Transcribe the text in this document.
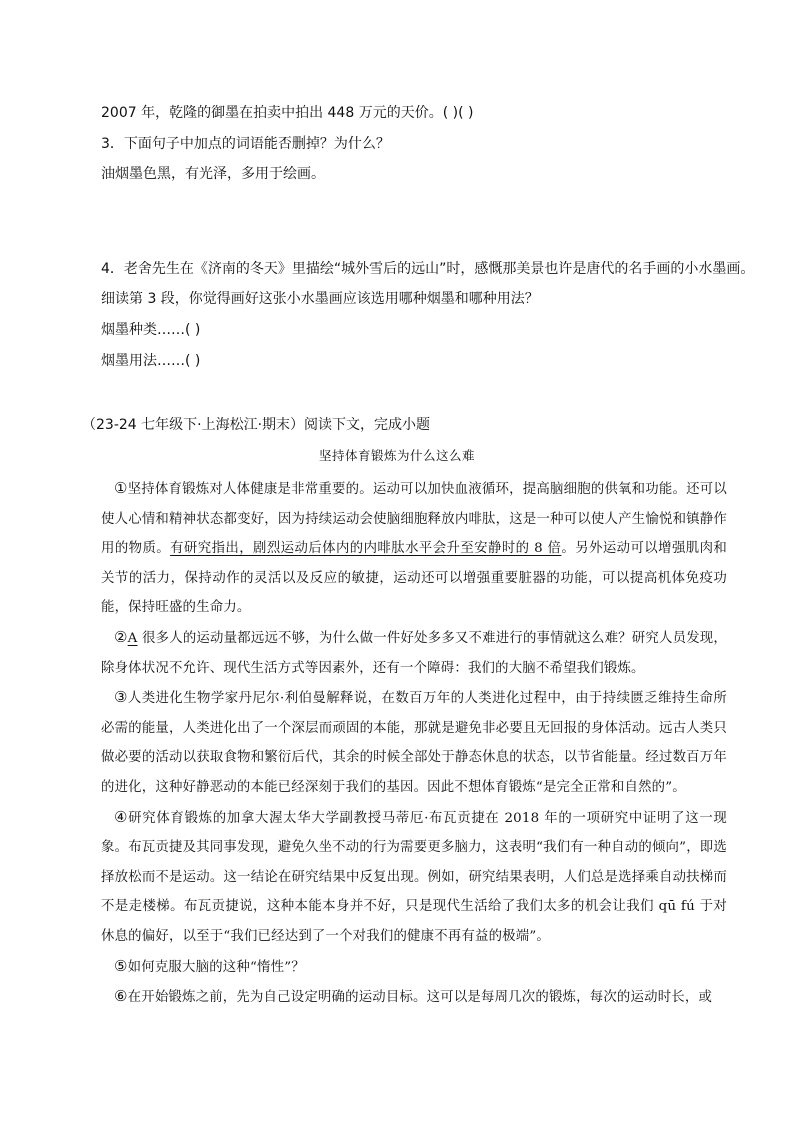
2007 年，乾隆的御墨在拍卖中拍出 448 万元的天价。( )( )
3．下面句子中加点的词语能否删掉？为什么？
油烟墨色黑，有光泽，多用于绘画。
4．老舍先生在《济南的冬天》里描绘“城外雪后的远山”时，感慨那美景也许是唐代的名手画的小水墨画。
细读第 3 段，你觉得画好这张小水墨画应该选用哪种烟墨和哪种用法？
烟墨种类……( )
烟墨用法……( )
（23-24 七年级下·上海松江·期末）阅读下文，完成小题
坚持体育锻炼为什么这么难

①坚持体育锻炼对人体健康是非常重要的。运动可以加快血液循环，提高脑细胞的供氧和功能。还可以使人心情和精神状态都变好，因为持续运动会使脑细胞释放内啡肽，这是一种可以使人产生愉悦和镇静作用的物质。有研究指出，剧烈运动后体内的内啡肽水平会升至安静时的 8 倍。另外运动可以增强肌肉和关节的活力，保持动作的灵活以及反应的敏捷，运动还可以增强重要脏器的功能，可以提高机体免疫功能，保持旺盛的生命力。

②A 很多人的运动量都远远不够，为什么做一件好处多多又不难进行的事情就这么难？研究人员发现，除身体状况不允许、现代生活方式等因素外，还有一个障碍：我们的大脑不希望我们锻炼。

③人类进化生物学家丹尼尔·利伯曼解释说，在数百万年的人类进化过程中，由于持续匮乏维持生命所必需的能量，人类进化出了一个深层而顽固的本能，那就是避免非必要且无回报的身体活动。远古人类只做必要的活动以获取食物和繁衍后代，其余的时候全部处于静态休息的状态，以节省能量。经过数百万年的进化，这种好静恶动的本能已经深刻于我们的基因。因此不想体育锻炼“是完全正常和自然的”。

④研究体育锻炼的加拿大渥太华大学副教授马蒂厄·布瓦贡捷在 2018 年的一项研究中证明了这一现象。布瓦贡捷及其同事发现，避免久坐不动的行为需要更多脑力，这表明“我们有一种自动的倾向”，即选择放松而不是运动。这一结论在研究结果中反复出现。例如，研究结果表明，人们总是选择乘自动扶梯而不是走楼梯。布瓦贡捷说，这种本能本身并不好，只是现代生活给了我们太多的机会让我们 qū fú 于对休息的偏好，以至于“我们已经达到了一个对我们的健康不再有益的极端”。

⑤如何克服大脑的这种“惰性”？

⑥在开始锻炼之前，先为自己设定明确的运动目标。这可以是每周几次的锻炼，每次的运动时长，或
